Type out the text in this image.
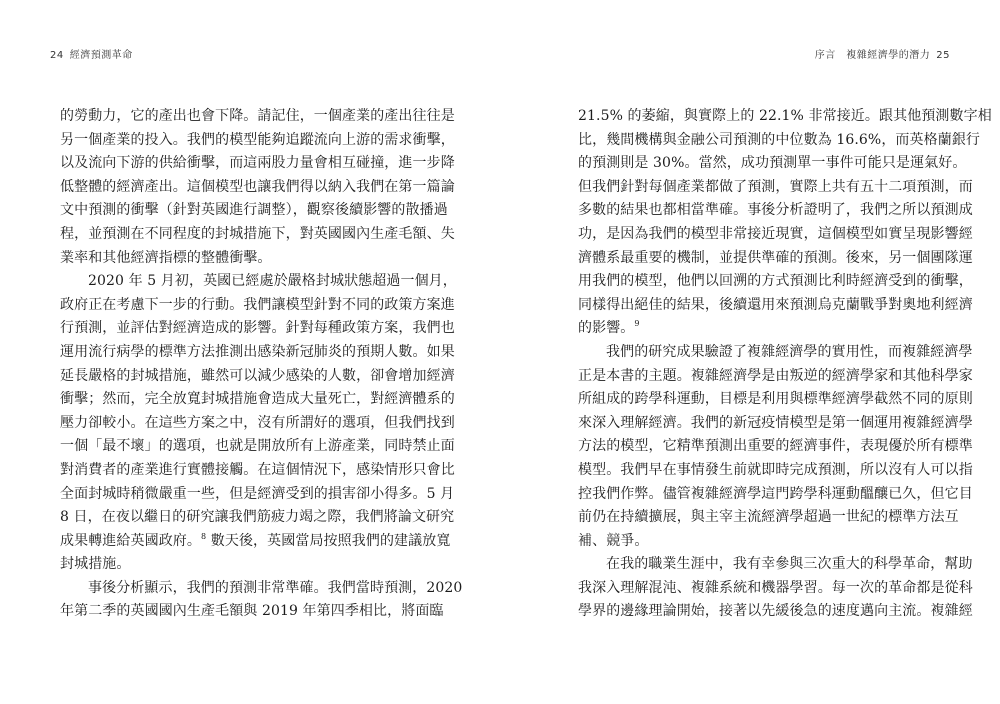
24 經濟預測革命
的勞動力，它的產出也會下降。請記住，一個產業的產出往往是
另一個產業的投入。我們的模型能夠追蹤流向上游的需求衝擊，
以及流向下游的供給衝擊，而這兩股力量會相互碰撞，進一步降
低整體的經濟產出。這個模型也讓我們得以納入我們在第一篇論
文中預測的衝擊（針對英國進行調整），觀察後續影響的散播過
程，並預測在不同程度的封城措施下，對英國國內生產毛額、失
業率和其他經濟指標的整體衝擊。
2020 年 5 月初，英國已經處於嚴格封城狀態超過一個月，
政府正在考慮下一步的行動。我們讓模型針對不同的政策方案進
行預測，並評估對經濟造成的影響。針對每種政策方案，我們也
運用流行病學的標準方法推測出感染新冠肺炎的預期人數。如果
延長嚴格的封城措施，雖然可以減少感染的人數，卻會增加經濟
衝擊；然而，完全放寬封城措施會造成大量死亡，對經濟體系的
壓力卻較小。在這些方案之中，沒有所謂好的選項，但我們找到
一個「最不壞」的選項，也就是開放所有上游產業，同時禁止面
對消費者的產業進行實體接觸。在這個情況下，感染情形只會比
全面封城時稍微嚴重一些，但是經濟受到的損害卻小得多。5 月
8 日，在夜以繼日的研究讓我們筋疲力竭之際，我們將論文研究
成果轉進給英國政府。$^8$ 數天後，英國當局按照我們的建議放寬
封城措施。
事後分析顯示，我們的預測非常準確。我們當時預測，2020
年第二季的英國國內生產毛額與 2019 年第四季相比，將面臨
序言　複雜經濟學的潛力 25
21.5% 的萎縮，與實際上的 22.1% 非常接近。跟其他預測數字相
比，幾間機構與金融公司預測的中位數為 16.6%，而英格蘭銀行
的預測則是 30%。當然，成功預測單一事件可能只是運氣好。
但我們針對每個產業都做了預測，實際上共有五十二項預測，而
多數的結果也都相當準確。事後分析證明了，我們之所以預測成
功，是因為我們的模型非常接近現實，這個模型如實呈現影響經
濟體系最重要的機制，並提供準確的預測。後來，另一個團隊運
用我們的模型，他們以回溯的方式預測比利時經濟受到的衝擊，
同樣得出絕佳的結果，後續還用來預測烏克蘭戰爭對奧地利經濟
的影響。$^9$
我們的研究成果驗證了複雜經濟學的實用性，而複雜經濟學
正是本書的主題。複雜經濟學是由叛逆的經濟學家和其他科學家
所組成的跨學科運動，目標是利用與標準經濟學截然不同的原則
來深入理解經濟。我們的新冠疫情模型是第一個運用複雜經濟學
方法的模型，它精準預測出重要的經濟事件，表現優於所有標準
模型。我們早在事情發生前就即時完成預測，所以沒有人可以指
控我們作弊。儘管複雜經濟學這門跨學科運動醞釀已久，但它目
前仍在持續擴展，與主宰主流經濟學超過一世紀的標準方法互
補、競爭。
在我的職業生涯中，我有幸參與三次重大的科學革命，幫助
我深入理解混沌、複雜系統和機器學習。每一次的革命都是從科
學界的邊緣理論開始，接著以先緩後急的速度邁向主流。複雜經
